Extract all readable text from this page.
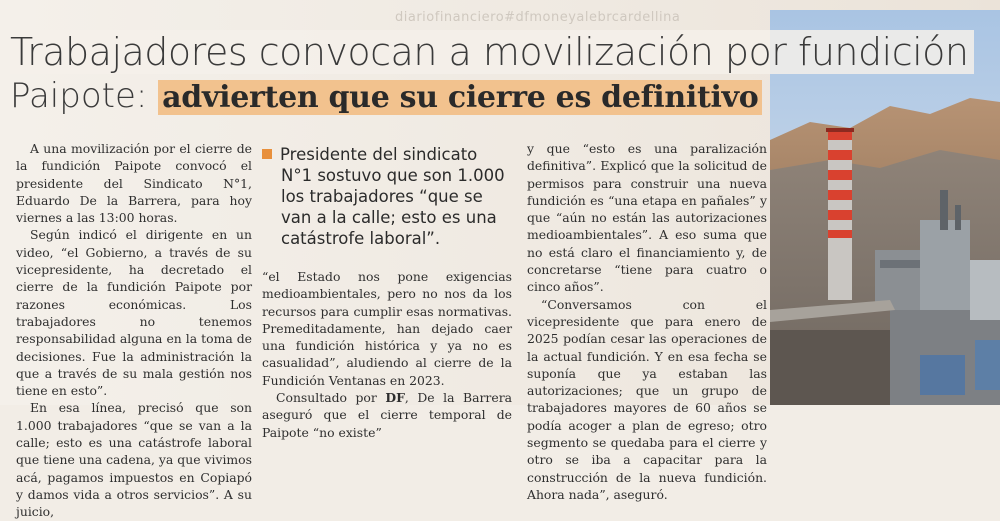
diariofinanciero#dfmoneyalebrcardellina
Trabajadores convocan a movilización por fundición
Paipote: advierten que su cierre es definitivo

A una movilización por el cierre de la fundición Paipote convocó el presidente del Sindicato N°1, Eduardo De la Barrera, para hoy viernes a las 13:00 horas.

Según indicó el dirigente en un video, “el Gobierno, a través de su vicepresidente, ha decretado el cierre de la fundición Paipote por razones económicas. Los trabajadores no tenemos responsabilidad alguna en la toma de decisiones. Fue la administración la que a través de su mala gestión nos tiene en esto”.

En esa línea, precisó que son 1.000 trabajadores “que se van a la calle; esto es una catástrofe laboral que tiene una cadena, ya que vivimos acá, pagamos impuestos en Copiapó y damos vida a otros servicios”. A su juicio,

Presidente del sindicato
N°1 sostuvo que son 1.000
los trabajadores “que se
van a la calle; esto es una
catástrofe laboral”.

“el Estado nos pone exigencias medioambientales, pero no nos da los recursos para cumplir esas normativas. Premeditadamente, han dejado caer una fundición histórica y ya no es casualidad”, aludiendo al cierre de la Fundición Ventanas en 2023.

Consultado por DF, De la Barrera aseguró que el cierre temporal de Paipote “no existe”

y que “esto es una paralización definitiva”. Explicó que la solicitud de permisos para construir una nueva fundición es “una etapa en pañales” y que “aún no están las autorizaciones medioambientales”. A eso suma que no está claro el financiamiento y, de concretarse “tiene para cuatro o cinco años”.

“Conversamos con el vicepresidente que para enero de 2025 podían cesar las operaciones de la actual fundición. Y en esa fecha se suponía que ya estaban las autorizaciones; que un grupo de trabajadores mayores de 60 años se podía acoger a plan de egreso; otro segmento se quedaba para el cierre y otro se iba a capacitar para la construcción de la nueva fundición. Ahora nada”, aseguró.
